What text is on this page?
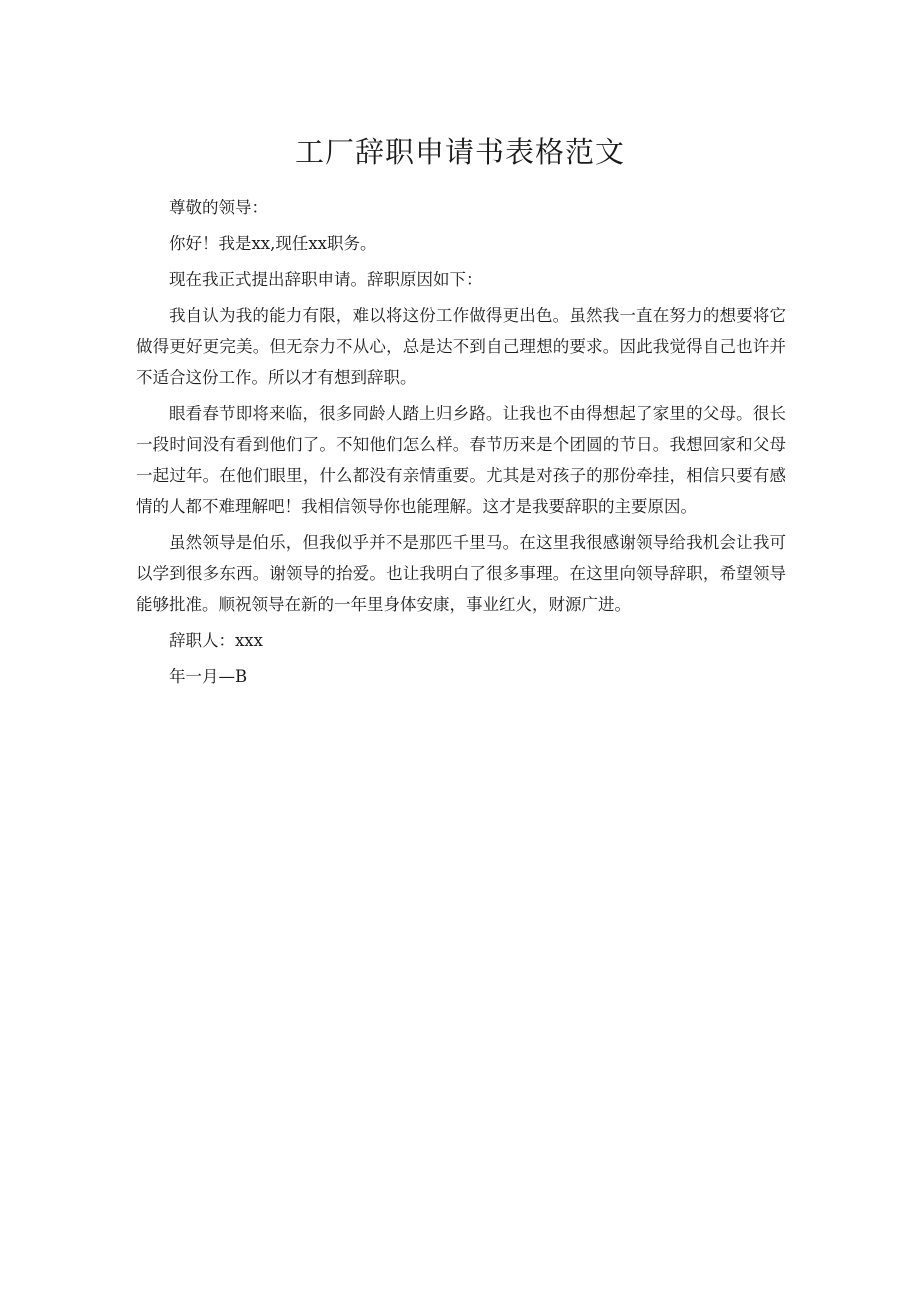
工厂辞职申请书表格范文

尊敬的领导：

你好！我是xx,现任xx职务。

现在我正式提出辞职申请。辞职原因如下：

我自认为我的能力有限，难以将这份工作做得更出色。虽然我一直在努力的想要将它做得更好更完美。但无奈力不从心，总是达不到自己理想的要求。因此我觉得自己也许并不适合这份工作。所以才有想到辞职。

眼看春节即将来临，很多同龄人踏上归乡路。让我也不由得想起了家里的父母。很长一段时间没有看到他们了。不知他们怎么样。春节历来是个团圆的节日。我想回家和父母一起过年。在他们眼里，什么都没有亲情重要。尤其是对孩子的那份牵挂，相信只要有感情的人都不难理解吧！我相信领导你也能理解。这才是我要辞职的主要原因。

虽然领导是伯乐，但我似乎并不是那匹千里马。在这里我很感谢领导给我机会让我可以学到很多东西。谢领导的抬爱。也让我明白了很多事理。在这里向领导辞职，希望领导能够批准。顺祝领导在新的一年里身体安康，事业红火，财源广进。

辞职人：xxx

年一月—B
